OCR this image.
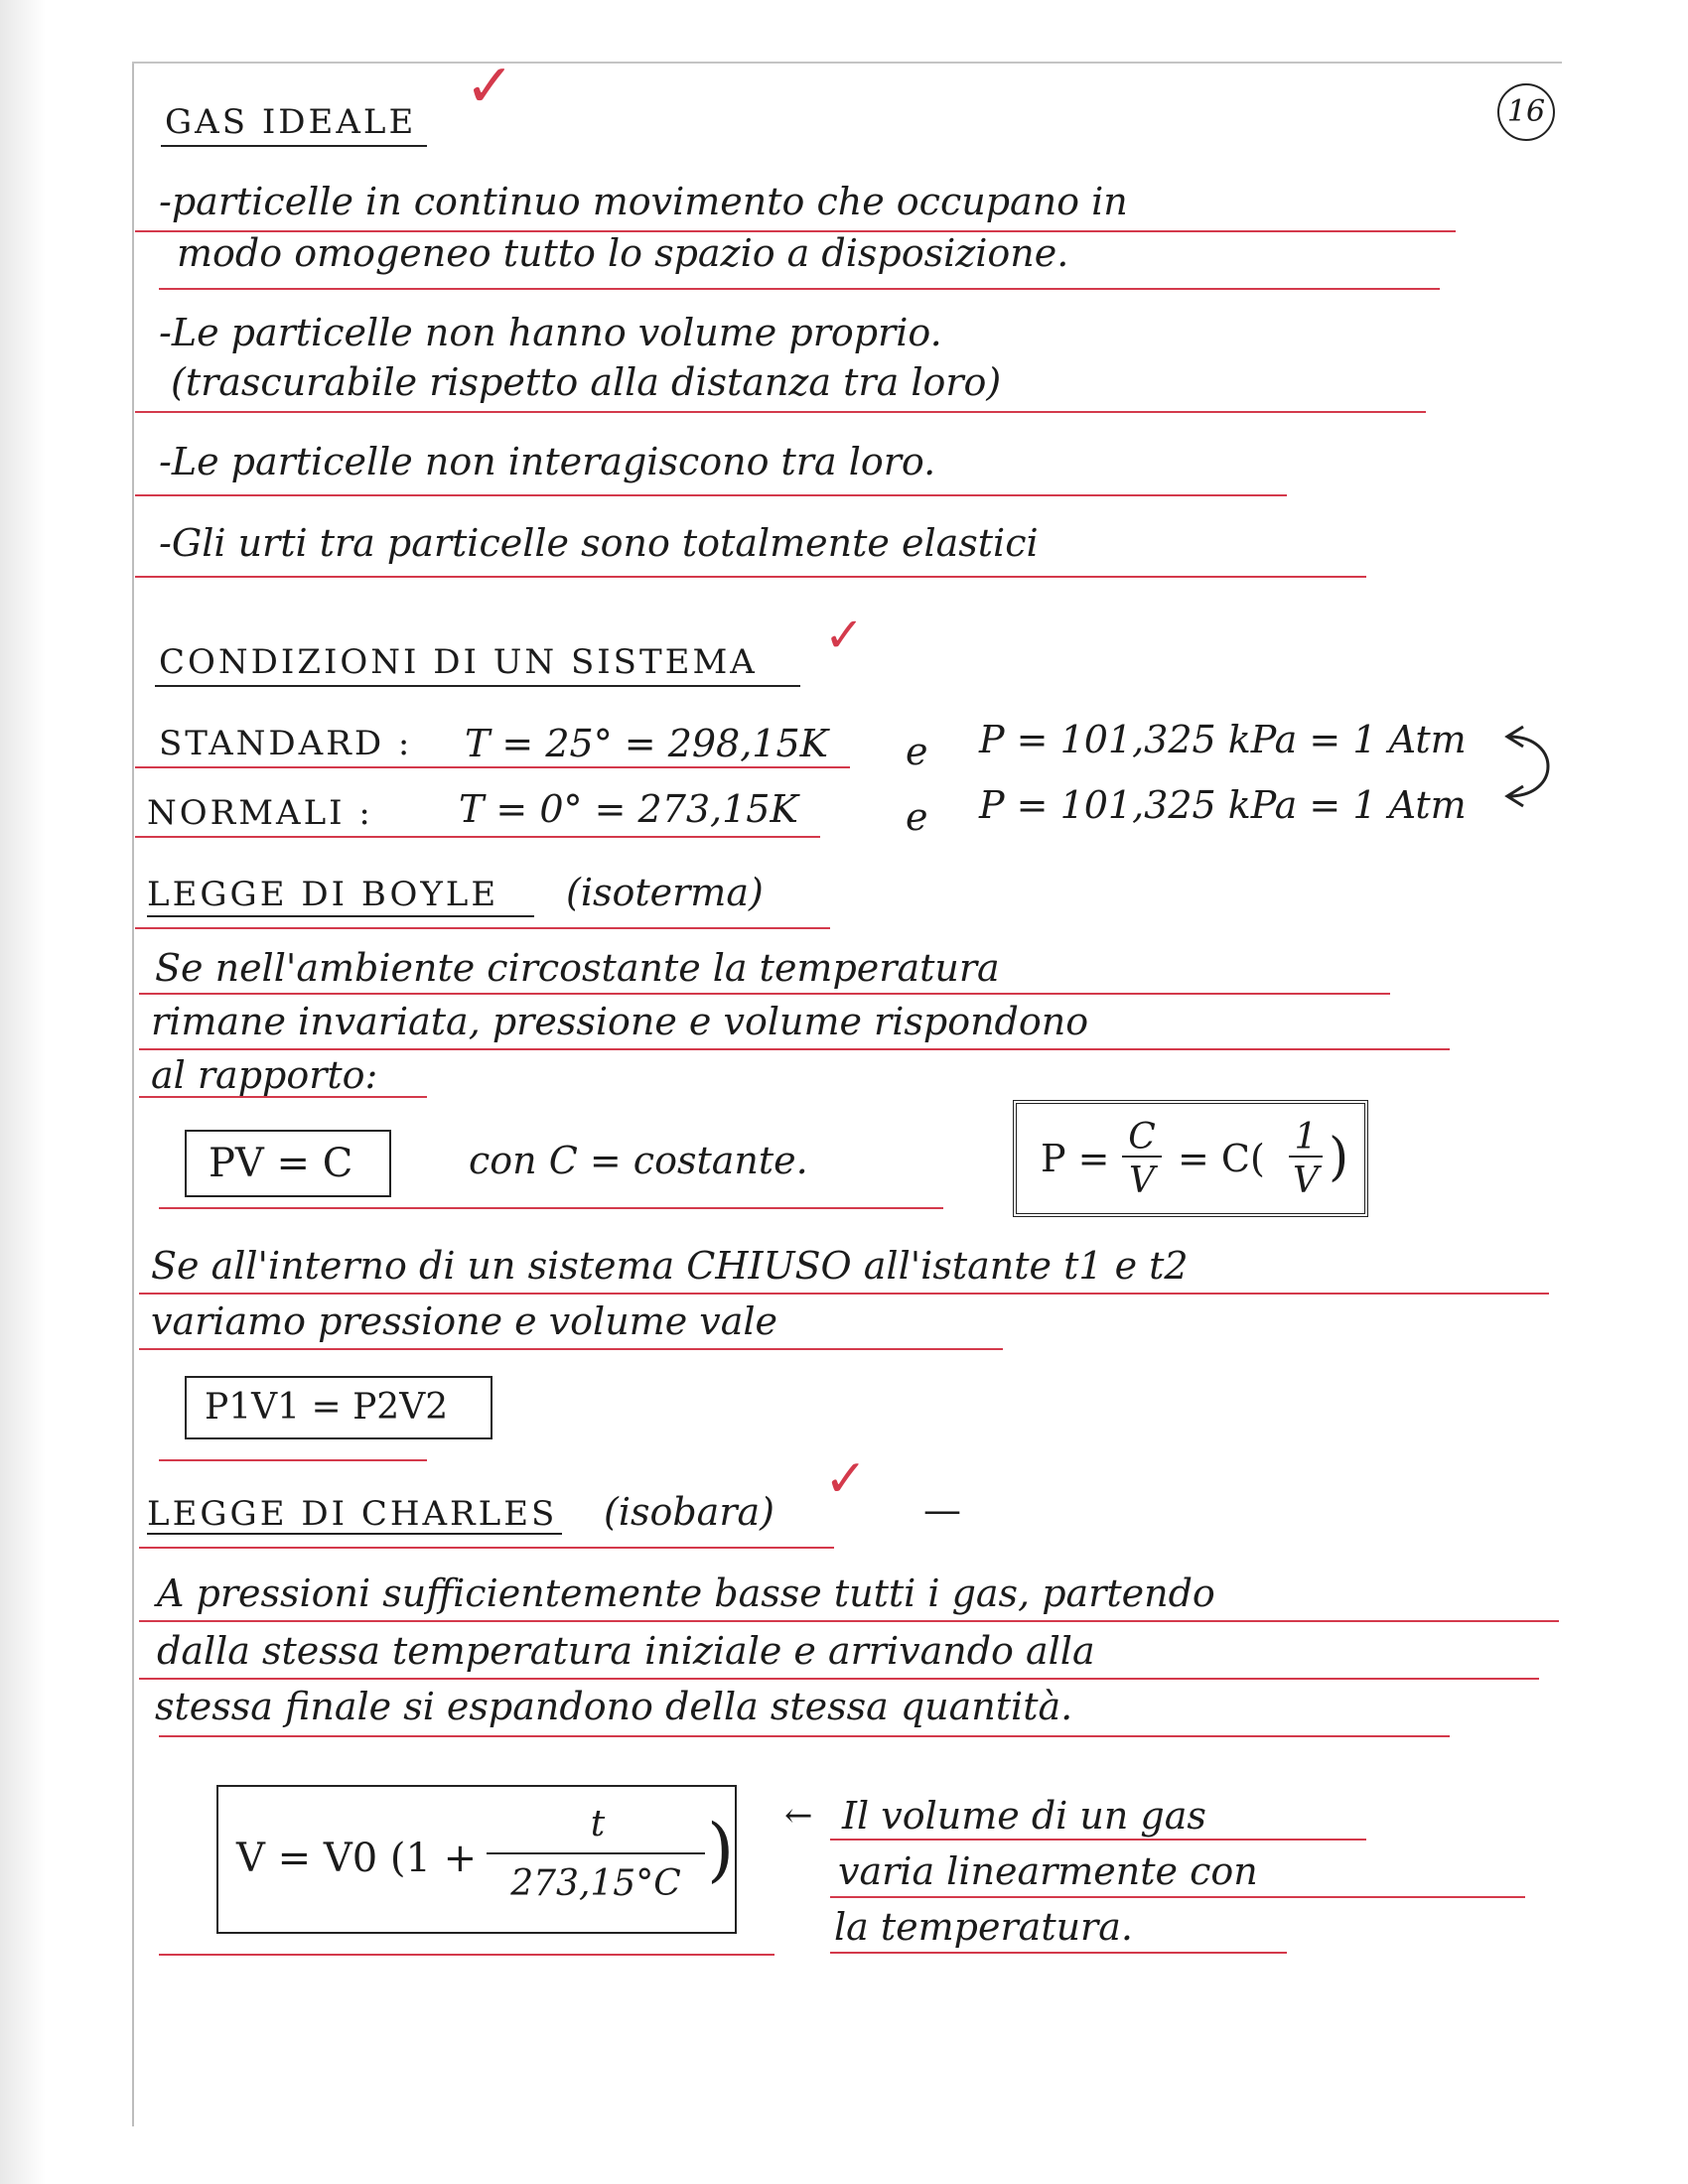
16
GAS IDEALE
✓
-particelle in continuo movimento che occupano in
modo omogeneo tutto lo spazio a disposizione.
-Le particelle non hanno volume proprio.
(trascurabile rispetto alla distanza tra loro)
-Le particelle non interagiscono tra loro.
-Gli urti tra particelle sono totalmente elastici
CONDIZIONI DI UN SISTEMA ✓
STANDARD : T = 25° = 298,15K e P = 101,325 kPa = 1 Atm
NORMALI : T = 0° = 273,15K	e P = 101,325 kPa = 1 Atm
LEGGE DI BOYLE (isoterma)
Se nell'ambiente circostante la temperatura
rimane invariata, pressione e volume rispondono
al rapporto:
PV = C	con C = costante.	P = C
V
= C( 1
V )
Se all'interno di un sistema CHIUSO all'istante t1 e t2
variamo pressione e volume vale
P1V1 = P2V2
LEGGE DI CHARLES (isobara)
✓
—
A pressioni sufficientemente basse tutti i gas, partendo
dalla stessa temperatura iniziale e arrivando alla
stessa finale si espandono della stessa quantità.
V = V0 (1 +
t
273,15°C ) ← Il volume di un gas
varia linearmente con
la temperatura.
